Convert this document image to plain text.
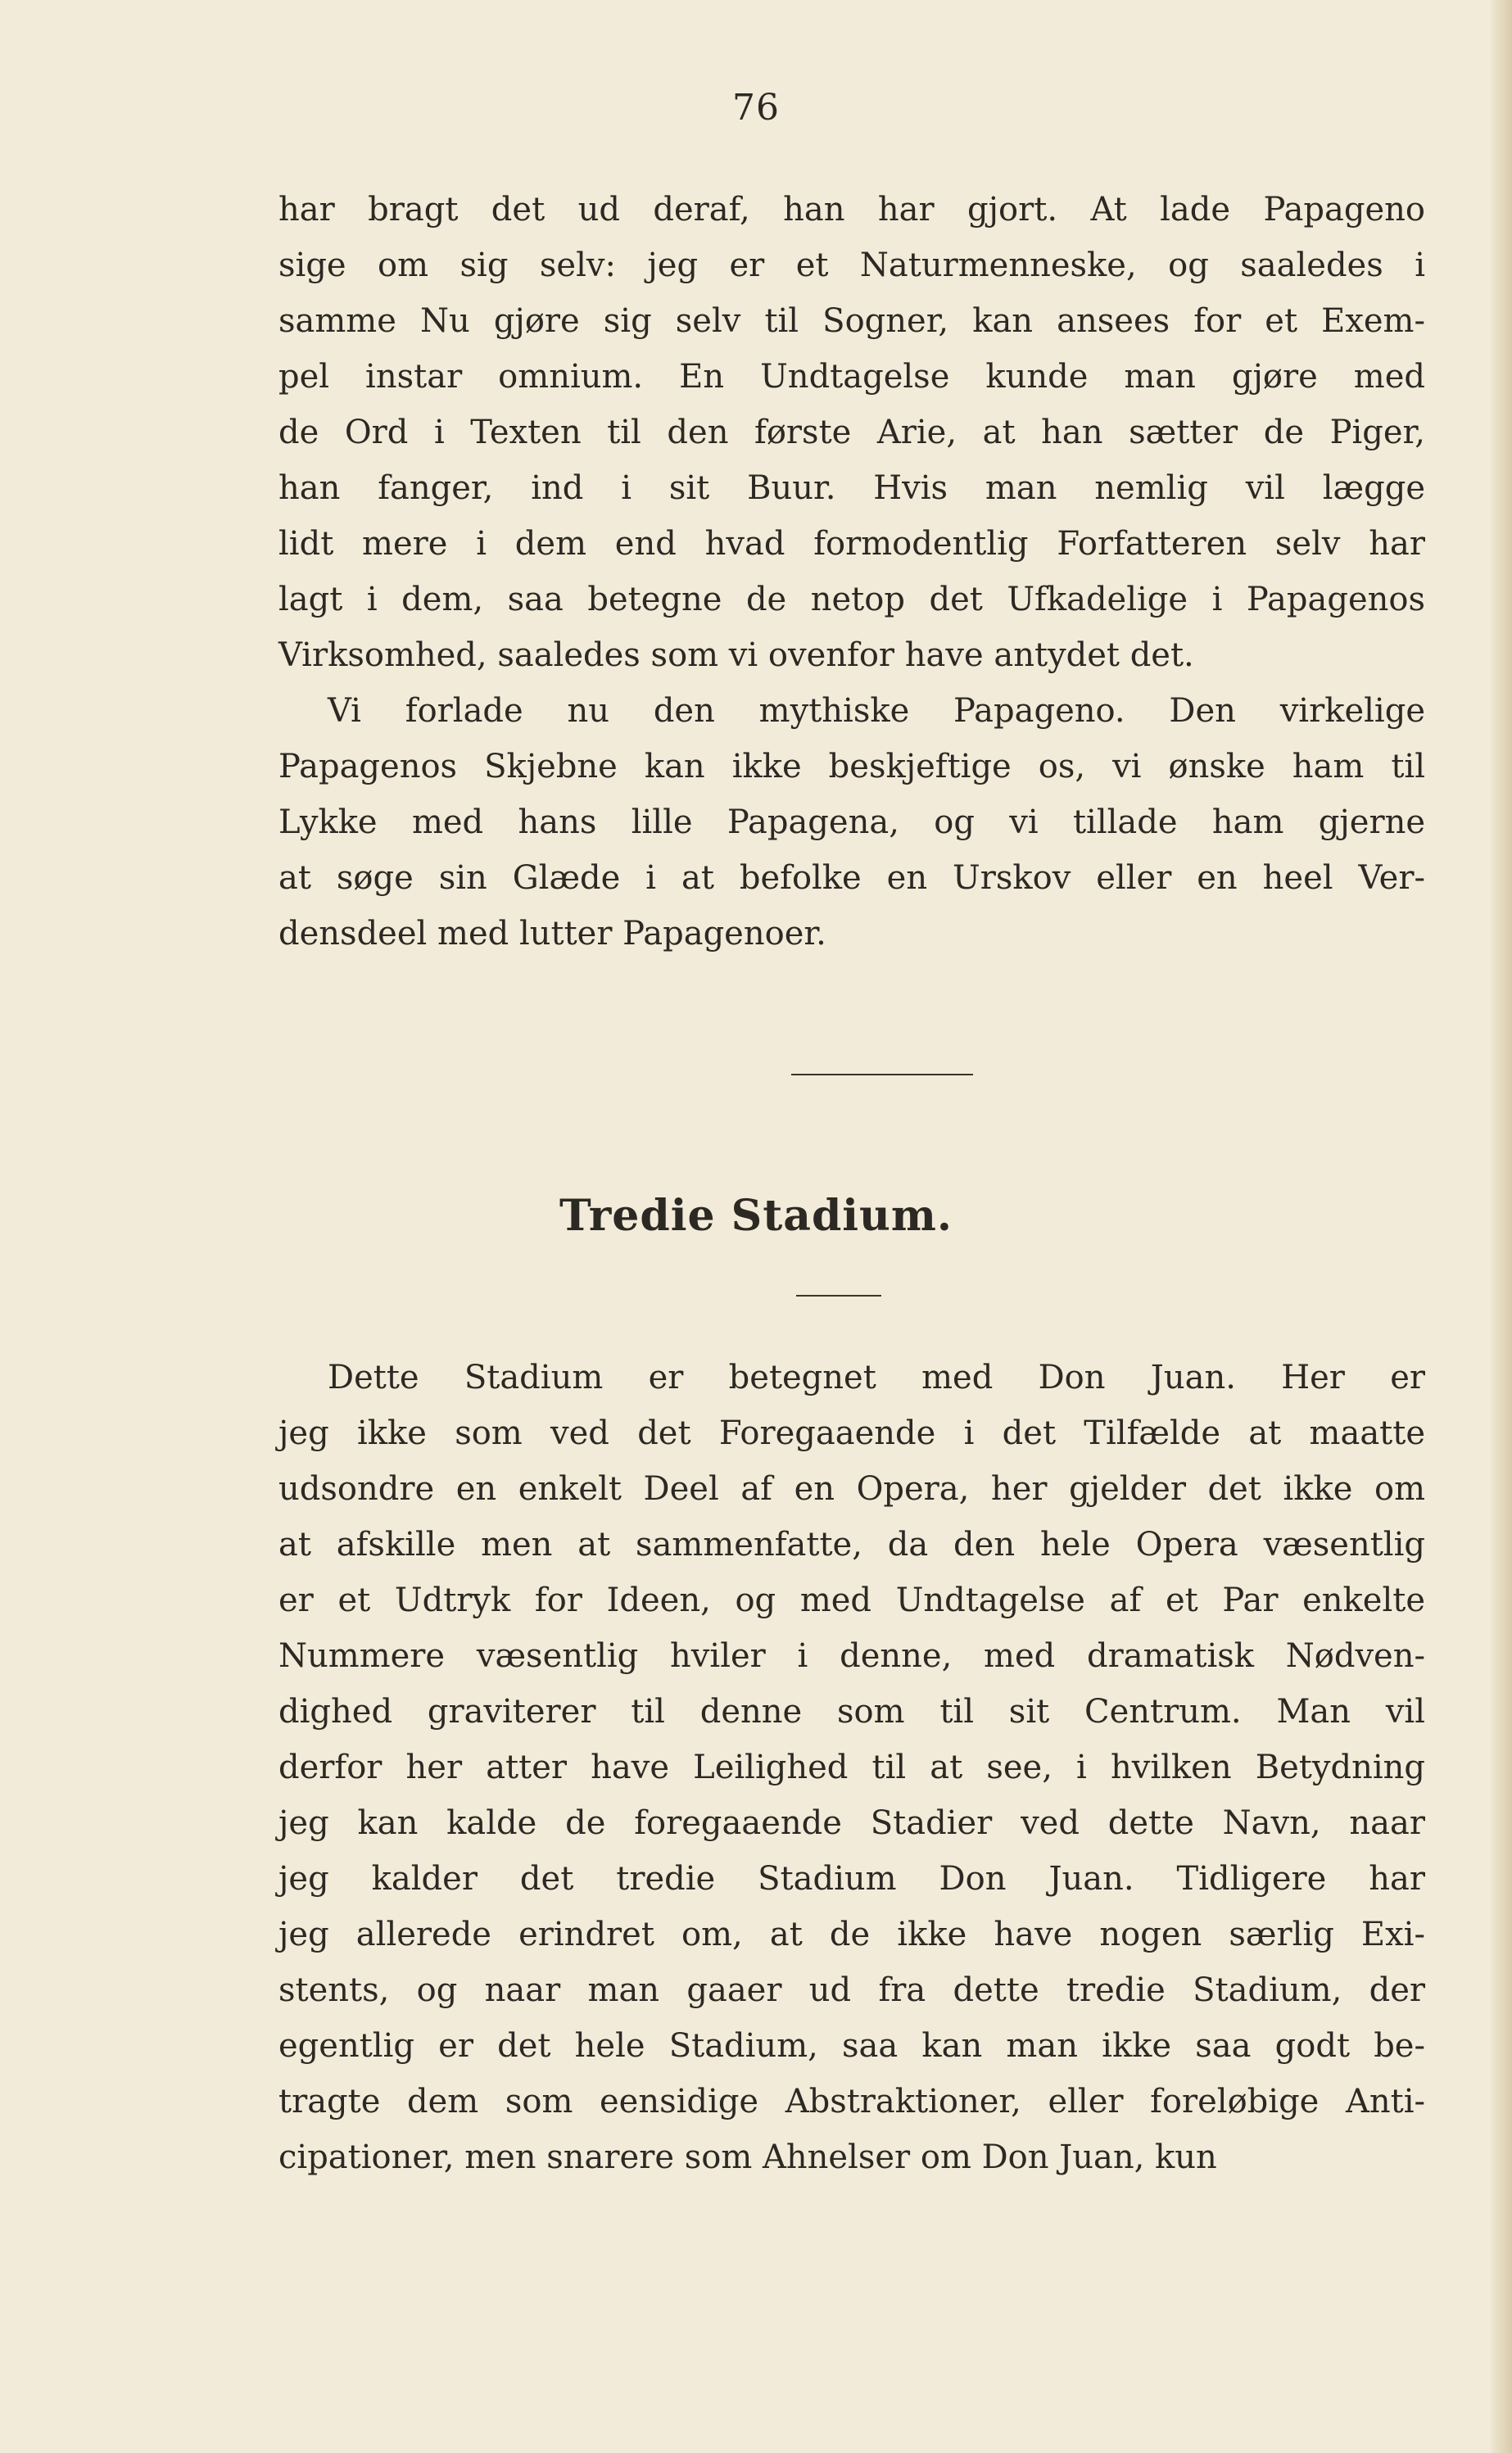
76
har bragt det ud deraf, han har gjort. At lade Papageno
sige om sig selv: jeg er et Naturmenneske, og saaledes i
samme Nu gjøre sig selv til Sogner, kan ansees for et Exem-
pel instar omnium. En Undtagelse kunde man gjøre med
de Ord i Texten til den første Arie, at han sætter de Piger,
han fanger, ind i sit Buur. Hvis man nemlig vil lægge
lidt mere i dem end hvad formodentlig Forfatteren selv har
lagt i dem, saa betegne de netop det Ufkadelige i Papagenos
Virksomhed, saaledes som vi ovenfor have antydet det.
Vi forlade nu den mythiske Papageno. Den virkelige
Papagenos Skjebne kan ikke beskjeftige os, vi ønske ham til
Lykke med hans lille Papagena, og vi tillade ham gjerne
at søge sin Glæde i at befolke en Urskov eller en heel Ver-
densdeel med lutter Papagenoer.
Tredie Stadium.
Dette Stadium er betegnet med Don Juan. Her er
jeg ikke som ved det Foregaaende i det Tilfælde at maatte
udsondre en enkelt Deel af en Opera, her gjelder det ikke om
at afskille men at sammenfatte, da den hele Opera væsentlig
er et Udtryk for Ideen, og med Undtagelse af et Par enkelte
Nummere væsentlig hviler i denne, med dramatisk Nødven-
dighed graviterer til denne som til sit Centrum. Man vil
derfor her atter have Leilighed til at see, i hvilken Betydning
jeg kan kalde de foregaaende Stadier ved dette Navn, naar
jeg kalder det tredie Stadium Don Juan. Tidligere har
jeg allerede erindret om, at de ikke have nogen særlig Exi-
stents, og naar man gaaer ud fra dette tredie Stadium, der
egentlig er det hele Stadium, saa kan man ikke saa godt be-
tragte dem som eensidige Abstraktioner, eller foreløbige Anti-
cipationer, men snarere som Ahnelser om Don Juan, kun
